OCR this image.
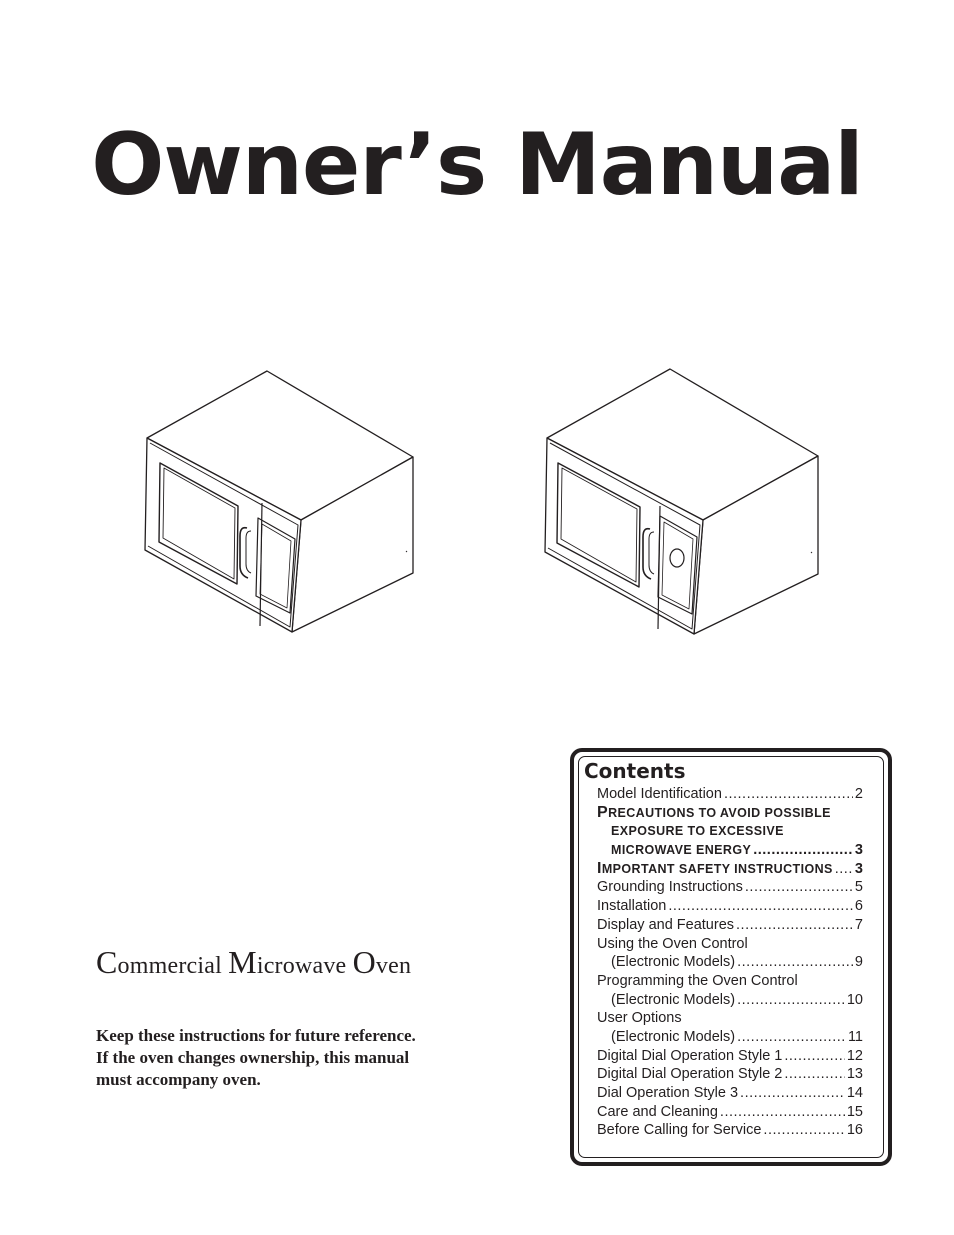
Owner’s Manual
Commercial Microwave Oven
Keep these instructions for future reference.
If the oven changes ownership, this manual
must accompany oven.
Contents
Model Identification .....	2
PRECAUTIONS TO AVOID POSSIBLE
EXPOSURE TO EXCESSIVE
MICROWAVE ENERGY .....	3
IMPORTANT SAFETY INSTRUCTIONS ..... 3
Grounding Instructions .....	5
Installation .....	6
Display and Features .....	7
Using the Oven Control
(Electronic Models) .....	9
Programming the Oven Control
(Electronic Models) .....	10
User Options
(Electronic Models) .....	11
Digital Dial Operation Style 1 .....	12
Digital Dial Operation Style 2 .....	13
Dial Operation Style 3 .....	14
Care and Cleaning .....	15
Before Calling for Service .....	16
